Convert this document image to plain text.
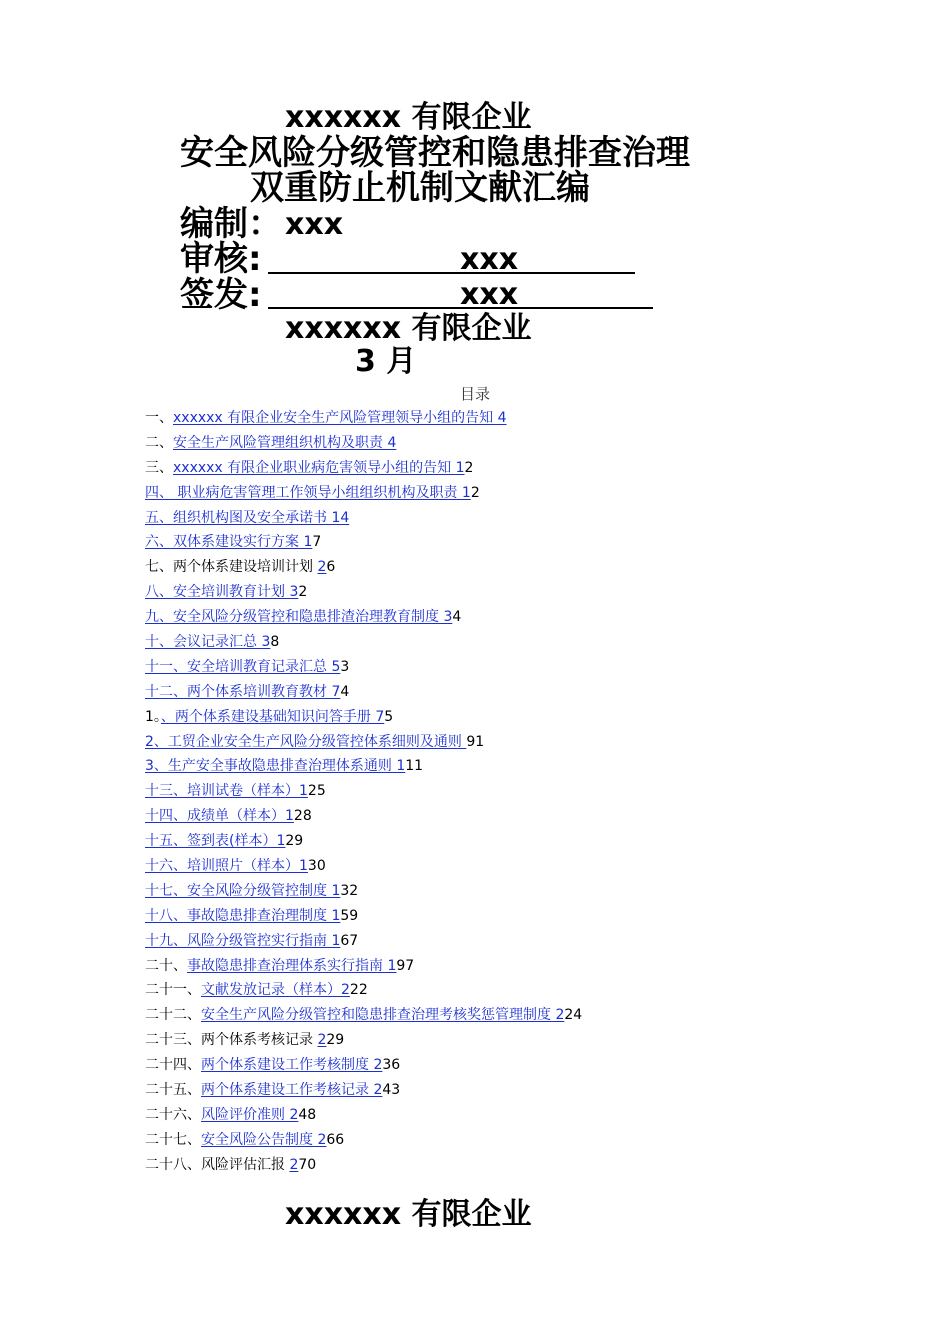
xxxxxx 有限企业
安全风险分级管控和隐患排查治理
双重防止机制文献汇编
编制： xxx
审核:	xxx
签发:	xxx
xxxxxx 有限企业
3 月
目录
一、xxxxxx 有限企业安全生产风险管理领导小组的告知 4
二、安全生产风险管理组织机构及职责 4
三、xxxxxx 有限企业职业病危害领导小组的告知 12
四、 职业病危害管理工作领导小组组织机构及职责 12
五、组织机构图及安全承诺书 14
六、双体系建设实行方案 17
七、两个体系建设培训计划 26
八、安全培训教育计划 32
九、安全风险分级管控和隐患排渣治理教育制度 34
十、会议记录汇总 38
十一、安全培训教育记录汇总 53
十二、两个体系培训教育教材 74
1。、两个体系建设基础知识问答手册 75
2、工贸企业安全生产风险分级管控体系细则及通则 91
3、生产安全事故隐患排查治理体系通则 111
十三、培训试卷（样本）125
十四、成绩单（样本）128
十五、签到表(样本）129
十六、培训照片（样本）130
十七、安全风险分级管控制度 132
十八、事故隐患排查治理制度 159
十九、风险分级管控实行指南 167
二十、事故隐患排查治理体系实行指南 197
二十一、文献发放记录（样本）222
二十二、安全生产风险分级管控和隐患排查治理考核奖惩管理制度 224
二十三、两个体系考核记录 229
二十四、两个体系建设工作考核制度 236
二十五、两个体系建设工作考核记录 243
二十六、风险评价准则 248
二十七、安全风险公告制度 266
二十八、风险评估汇报 270
xxxxxx 有限企业
